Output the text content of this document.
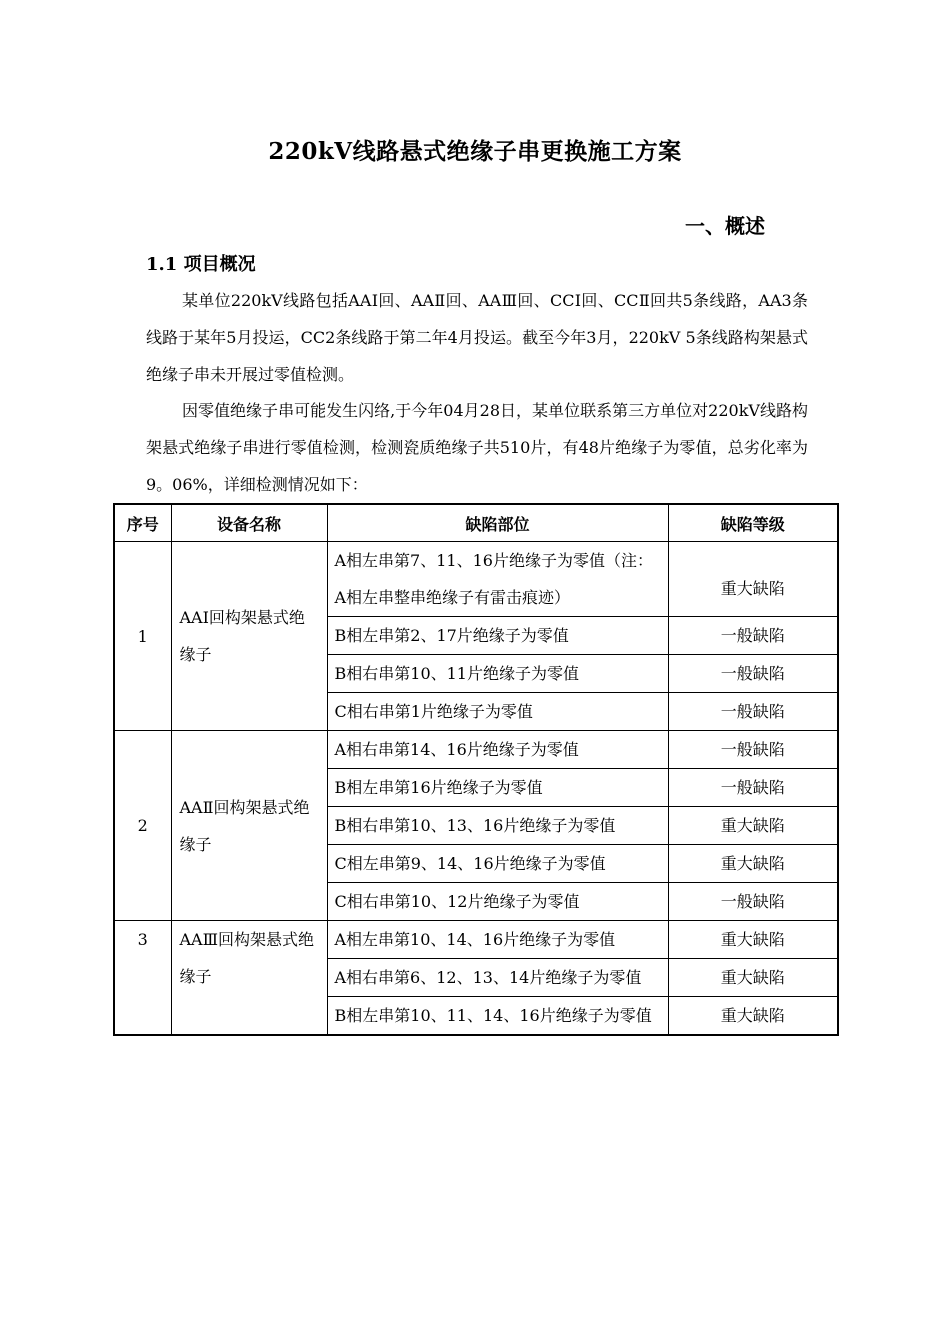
220kV线路悬式绝缘子串更换施工方案
一、概述
1.1 项目概况
某单位220kV线路包括AAⅠ回、AAⅡ回、AAⅢ回、CCⅠ回、CCⅡ回共5条线路，AA3条线路于某年5月投运，CC2条线路于第二年4月投运。截至今年3月，220kV 5条线路构架悬式绝缘子串未开展过零值检测。
因零值绝缘子串可能发生闪络,于今年04月28日，某单位联系第三方单位对220kV线路构架悬式绝缘子串进行零值检测，检测瓷质绝缘子共510片，有48片绝缘子为零值，总劣化率为9。06%，详细检测情况如下：
序号	设备名称	缺陷部位	缺陷等级
1	AAⅠ回构架悬式绝缘子	A相左串第7、11、16片绝缘子为零值（注：A相左串整串绝缘子有雷击痕迹）	重大缺陷

		B相左串第2、17片绝缘子为零值	一般缺陷
		B相右串第10、11片绝缘子为零值	一般缺陷
		C相右串第1片绝缘子为零值	一般缺陷
2	AAⅡ回构架悬式绝缘子	A相右串第14、16片绝缘子为零值	一般缺陷
		B相左串第16片绝缘子为零值	一般缺陷
		B相右串第10、13、16片绝缘子为零值	重大缺陷
		C相左串第9、14、16片绝缘子为零值	重大缺陷
		C相右串第10、12片绝缘子为零值	一般缺陷
3	AAⅢ回构架悬式绝缘子	A相左串第10、14、16片绝缘子为零值	重大缺陷
		A相右串第6、12、13、14片绝缘子为零值	重大缺陷
		B相左串第10、11、14、16片绝缘子为零值	重大缺陷
